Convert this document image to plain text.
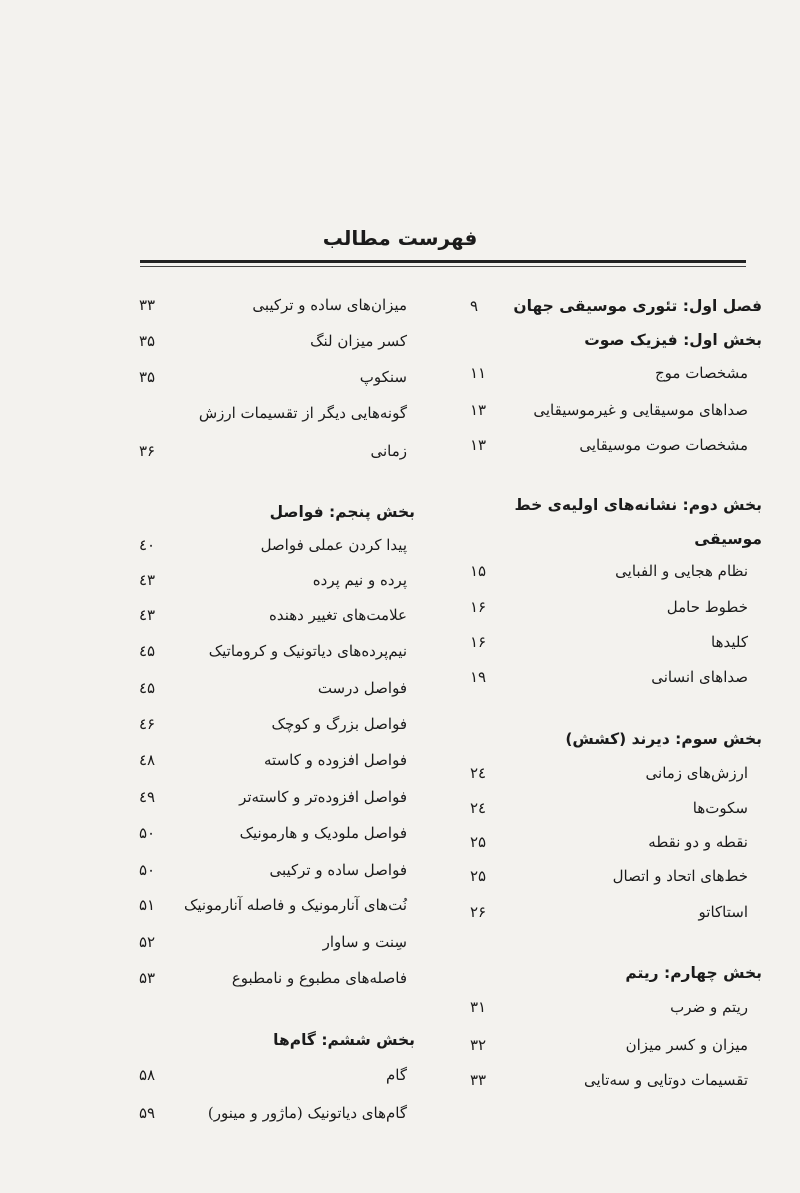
فهرست مطالب
فصل اول: تئوری موسیقی جهان
۹
بخش اول: فیزیک صوت
مشخصات موج
۱۱
صداهای موسیقایی و غیرموسیقایی
۱۳
مشخصات صوت موسیقایی
۱۳
بخش دوم: نشانه‌های اولیه‌ی خط
موسیقی
نظام هجایی و الفبایی
۱۵
خطوط حامل
۱۶
کلیدها
۱۶
صداهای انسانی
۱۹
بخش سوم: دیرند (کشش)
ارزش‌های زمانی
۲٤
سکوت‌ها
۲٤
نقطه و دو نقطه
۲۵
خط‌های اتحاد و اتصال
۲۵
استاکاتو
۲۶
بخش چهارم: ریتم
ریتم و ضرب
۳۱
میزان و کسر میزان
۳۲
تقسیمات دوتایی و سه‌تایی
۳۳
میزان‌های ساده و ترکیبی
۳۳
کسر میزان لنگ
۳۵
سنکوپ
۳۵
گونه‌هایی دیگر از تقسیمات ارزش
زمانی
۳۶
بخش پنجم: فواصل
پیدا کردن عملی فواصل
٤۰
پرده و نیم پرده
٤۳
علامت‌های تغییر دهنده
٤۳
نیم‌پرده‌های دیاتونیک و کروماتیک
٤۵
فواصل درست
٤۵
فواصل بزرگ و کوچک
٤۶
فواصل افزوده و کاسته
٤۸
فواصل افزوده‌تر و کاسته‌تر
٤۹
فواصل ملودیک و هارمونیک
۵۰
فواصل ساده و ترکیبی
۵۰
نُت‌های آنارمونیک و فاصله آنارمونیک
۵۱
سِنت و ساوار
۵۲
فاصله‌های مطبوع و نامطبوع
۵۳
بخش ششم: گام‌ها
گام
۵۸
گام‌های دیاتونیک (ماژور و مینور)
۵۹
